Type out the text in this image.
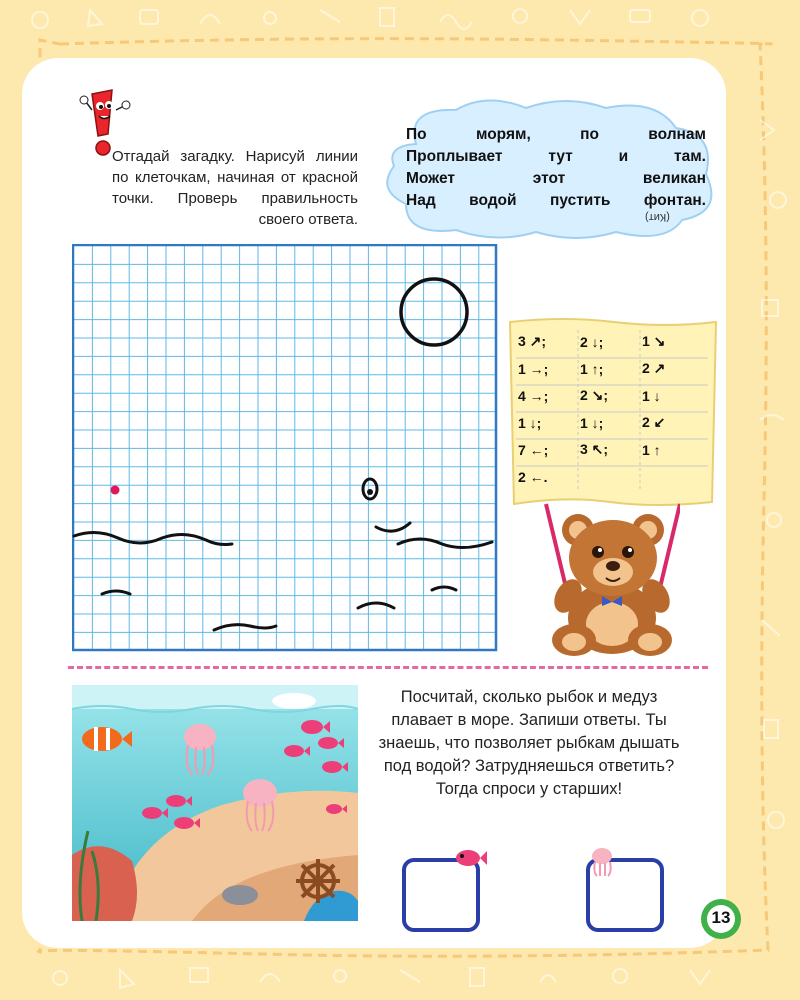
Отгадай загадку. Нарисуй линии по клеточкам, начиная от красной точки. Проверь правильность своего ответа.
По морям, по волнам
Проплывает тут и там.
Может этот великан
Над водой пустить фонтан.
(Кит)
3 ↗;	2 ↓;	1 ↘
1 →;	1 ↑;	2 ↗
4 →;	2 ↘;	1 ↓
1 ↓;	1 ↓;	2 ↙
7 ←;	3 ↖;	1 ↑
2 ←.
Посчитай, сколько рыбок и медуз плавает в море. Запиши ответы. Ты знаешь, что позволяет рыбкам дышать под водой? Затрудняешься ответить? Тогда спроси у старших!
13
